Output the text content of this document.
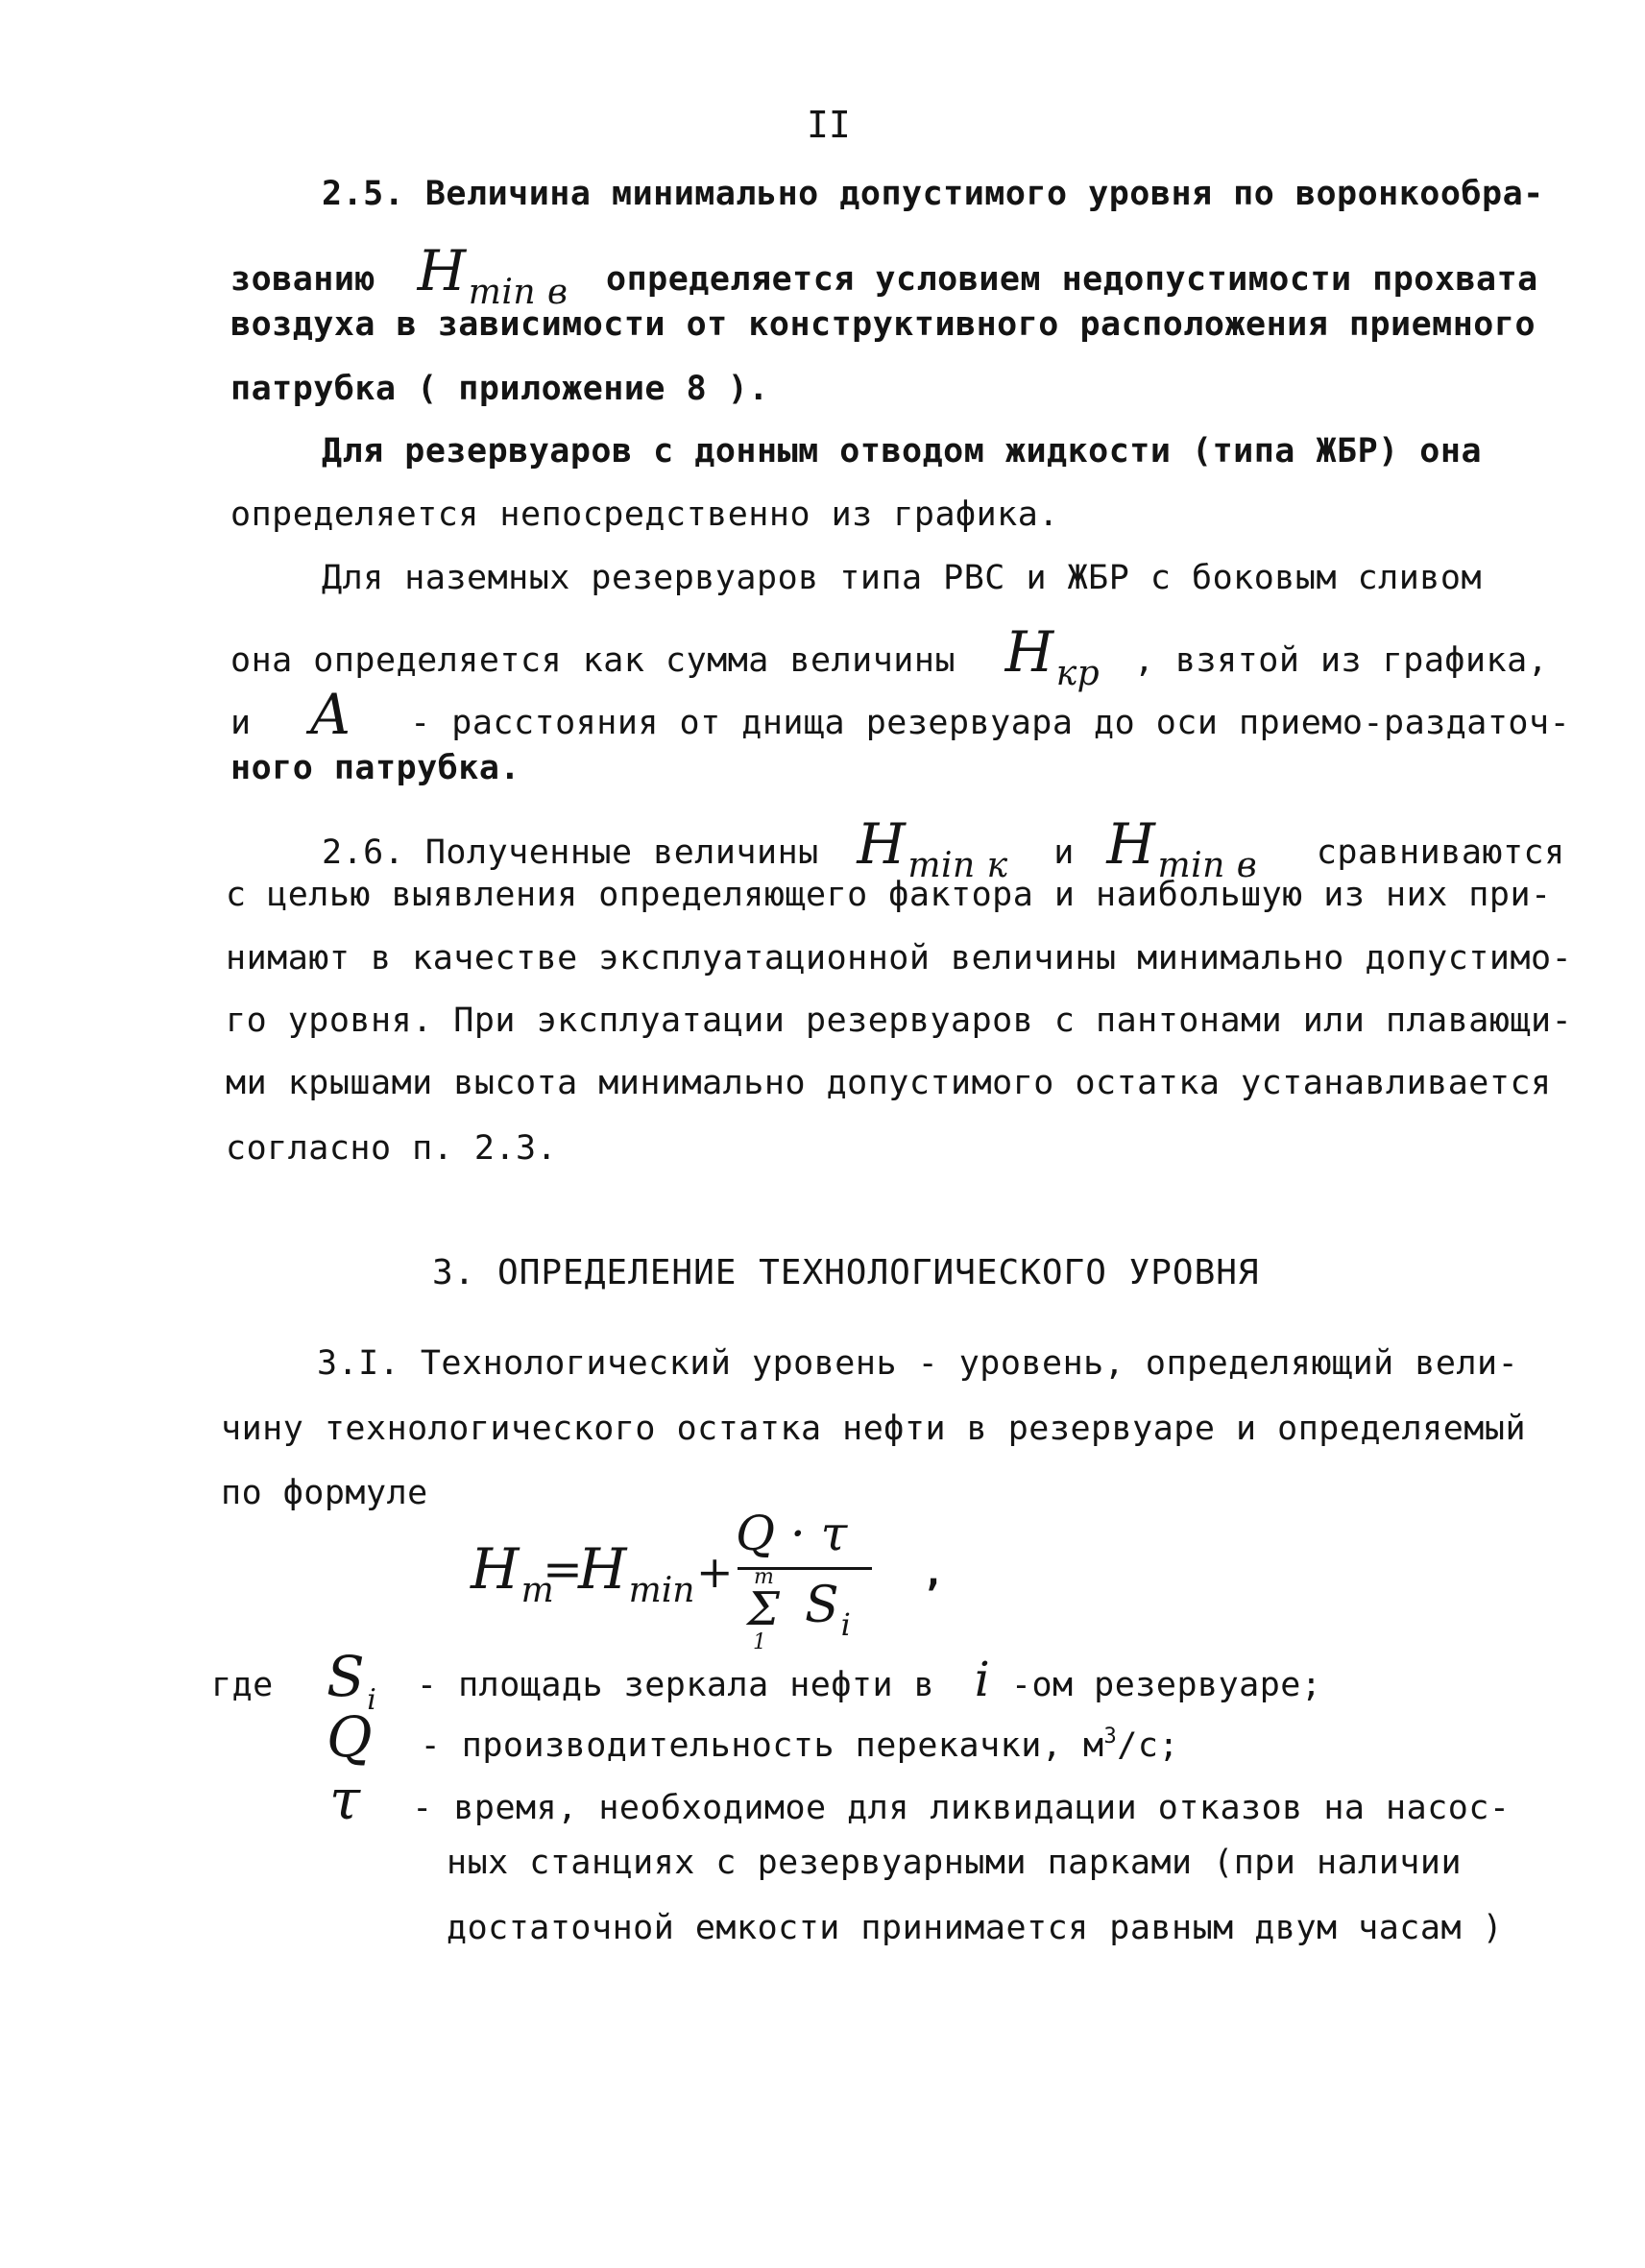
II
2.5. Величина минимально допустимого уровня по воронкообра-
зованию $H_{min в}$ определяется условием недопустимости прохвата
воздуха в зависимости от конструктивного расположения приемного
патрубка ( приложение 8 ).
Для резервуаров с донным отводом жидкости (типа ЖБР) она
определяется непосредственно из графика.
Для наземных резервуаров типа РВС и ЖБР с боковым сливом
она определяется как сумма величины $H_{кр}$ , взятой из графика,
и A - расстояния от днища резервуара до оси приемо-раздаточ-
ного патрубка.
2.6. Полученные величины $H_{min к}$ и $H_{min в}$ сравниваются
с целью выявления определяющего фактора и наибольшую из них при-
нимают в качестве эксплуатационной величины минимально допустимо-
го уровня. При эксплуатации резервуаров с пантонами или плавающи-
ми крышами высота минимально допустимого остатка устанавливается
согласно п. 2.3.
3. ОПРЕДЕЛЕНИЕ ТЕХНОЛОГИЧЕСКОГО УРОВНЯ
3.I. Технологический уровень - уровень, определяющий вели-
чину технологического остатка нефти в резервуаре и определяемый
по формуле
$H_т$
=
$H_{min}$ +
Q · τ
m
Σ
1
$S_i$
,
где $S_i$ - площадь зеркала нефти в i -ом резервуаре;
Q - производительность перекачки, $м^3/с$;
τ - время, необходимое для ликвидации отказов на насос-
ных станциях с резервуарными парками (при наличии
достаточной емкости принимается равным двум часам )
